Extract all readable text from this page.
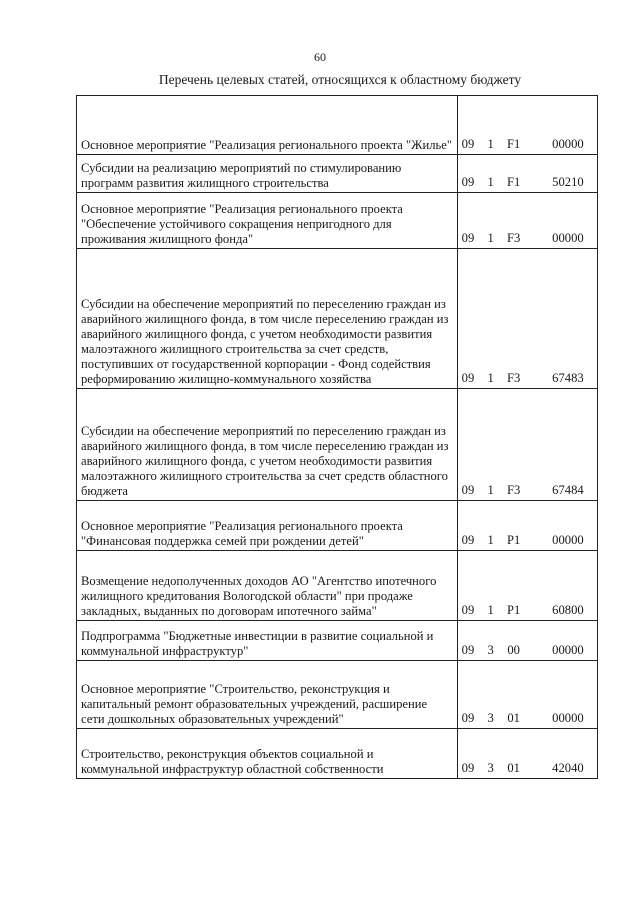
60
Перечень целевых статей, относящихся к областному бюджету
Основное мероприятие "Реализация регионального проекта "Жилье"	09 1 F1 00000
Субсидии на реализацию мероприятий по стимулированию программ развития жилищного строительства	09 1 F1 50210
Основное мероприятие "Реализация регионального проекта "Обеспечение устойчивого сокращения непригодного для проживания жилищного фонда"	09 1 F3 00000
Субсидии на обеспечение мероприятий по переселению граждан из аварийного жилищного фонда, в том числе переселению граждан из аварийного жилищного фонда, с учетом необходимости развития малоэтажного жилищного строительства за счет средств, поступивших от государственной корпорации - Фонд содействия реформированию жилищно-коммунального хозяйства	09 1 F3 67483
Субсидии на обеспечение мероприятий по переселению граждан из аварийного жилищного фонда, в том числе переселению граждан из аварийного жилищного фонда, с учетом необходимости развития малоэтажного жилищного строительства за счет средств областного бюджета	09 1 F3 67484
Основное мероприятие "Реализация регионального проекта "Финансовая поддержка семей при рождении детей"	09 1 P1 00000
Возмещение недополученных доходов АО "Агентство ипотечного жилищного кредитования Вологодской области" при продаже закладных, выданных по договорам ипотечного займа"	09 1 P1 60800
Подпрограмма "Бюджетные инвестиции в развитие социальной и коммунальной инфраструктур"	09 3 00 00000
Основное мероприятие "Строительство, реконструкция и капитальный ремонт образовательных учреждений, расширение сети дошкольных образовательных учреждений"	09 3 01 00000
Строительство, реконструкция объектов социальной и коммунальной инфраструктур областной собственности	09 3 01 42040
